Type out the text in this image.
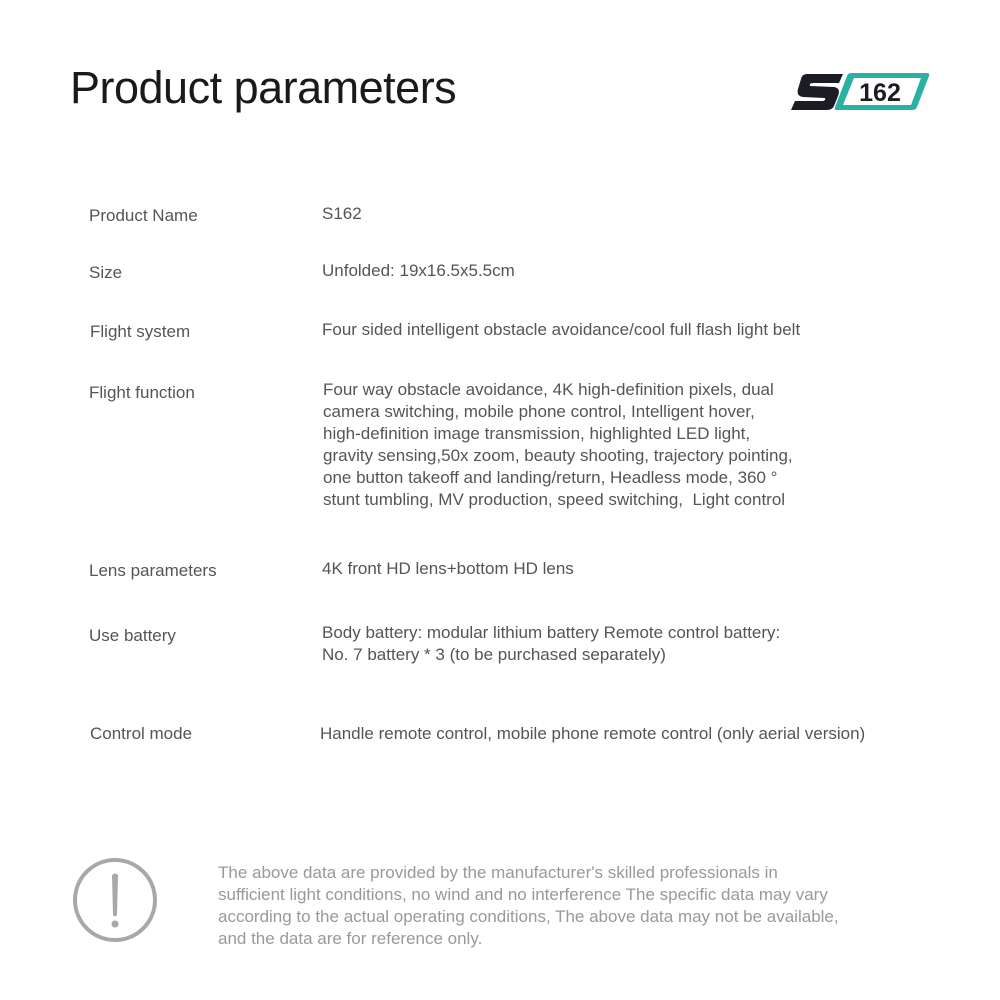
Product parameters	162
Product Name	S162
Size	Unfolded: 19x16.5x5.5cm
Flight system	Four sided intelligent obstacle avoidance/cool full flash light belt
Flight function	Four way obstacle avoidance, 4K high-definition pixels, dual
camera switching, mobile phone control, Intelligent hover,
high-definition image transmission, highlighted LED light,
gravity sensing,50x zoom, beauty shooting, trajectory pointing,
one button takeoff and landing/return, Headless mode, 360 °
stunt tumbling, MV production, speed switching,  Light control
Lens parameters	4K front HD lens+bottom HD lens
Use battery	Body battery: modular lithium battery Remote control battery:
No. 7 battery * 3 (to be purchased separately)
Control mode	Handle remote control, mobile phone remote control (only aerial version)
The above data are provided by the manufacturer's skilled professionals in
sufficient light conditions, no wind and no interference The specific data may vary
according to the actual operating conditions, The above data may not be available,
and the data are for reference only.
